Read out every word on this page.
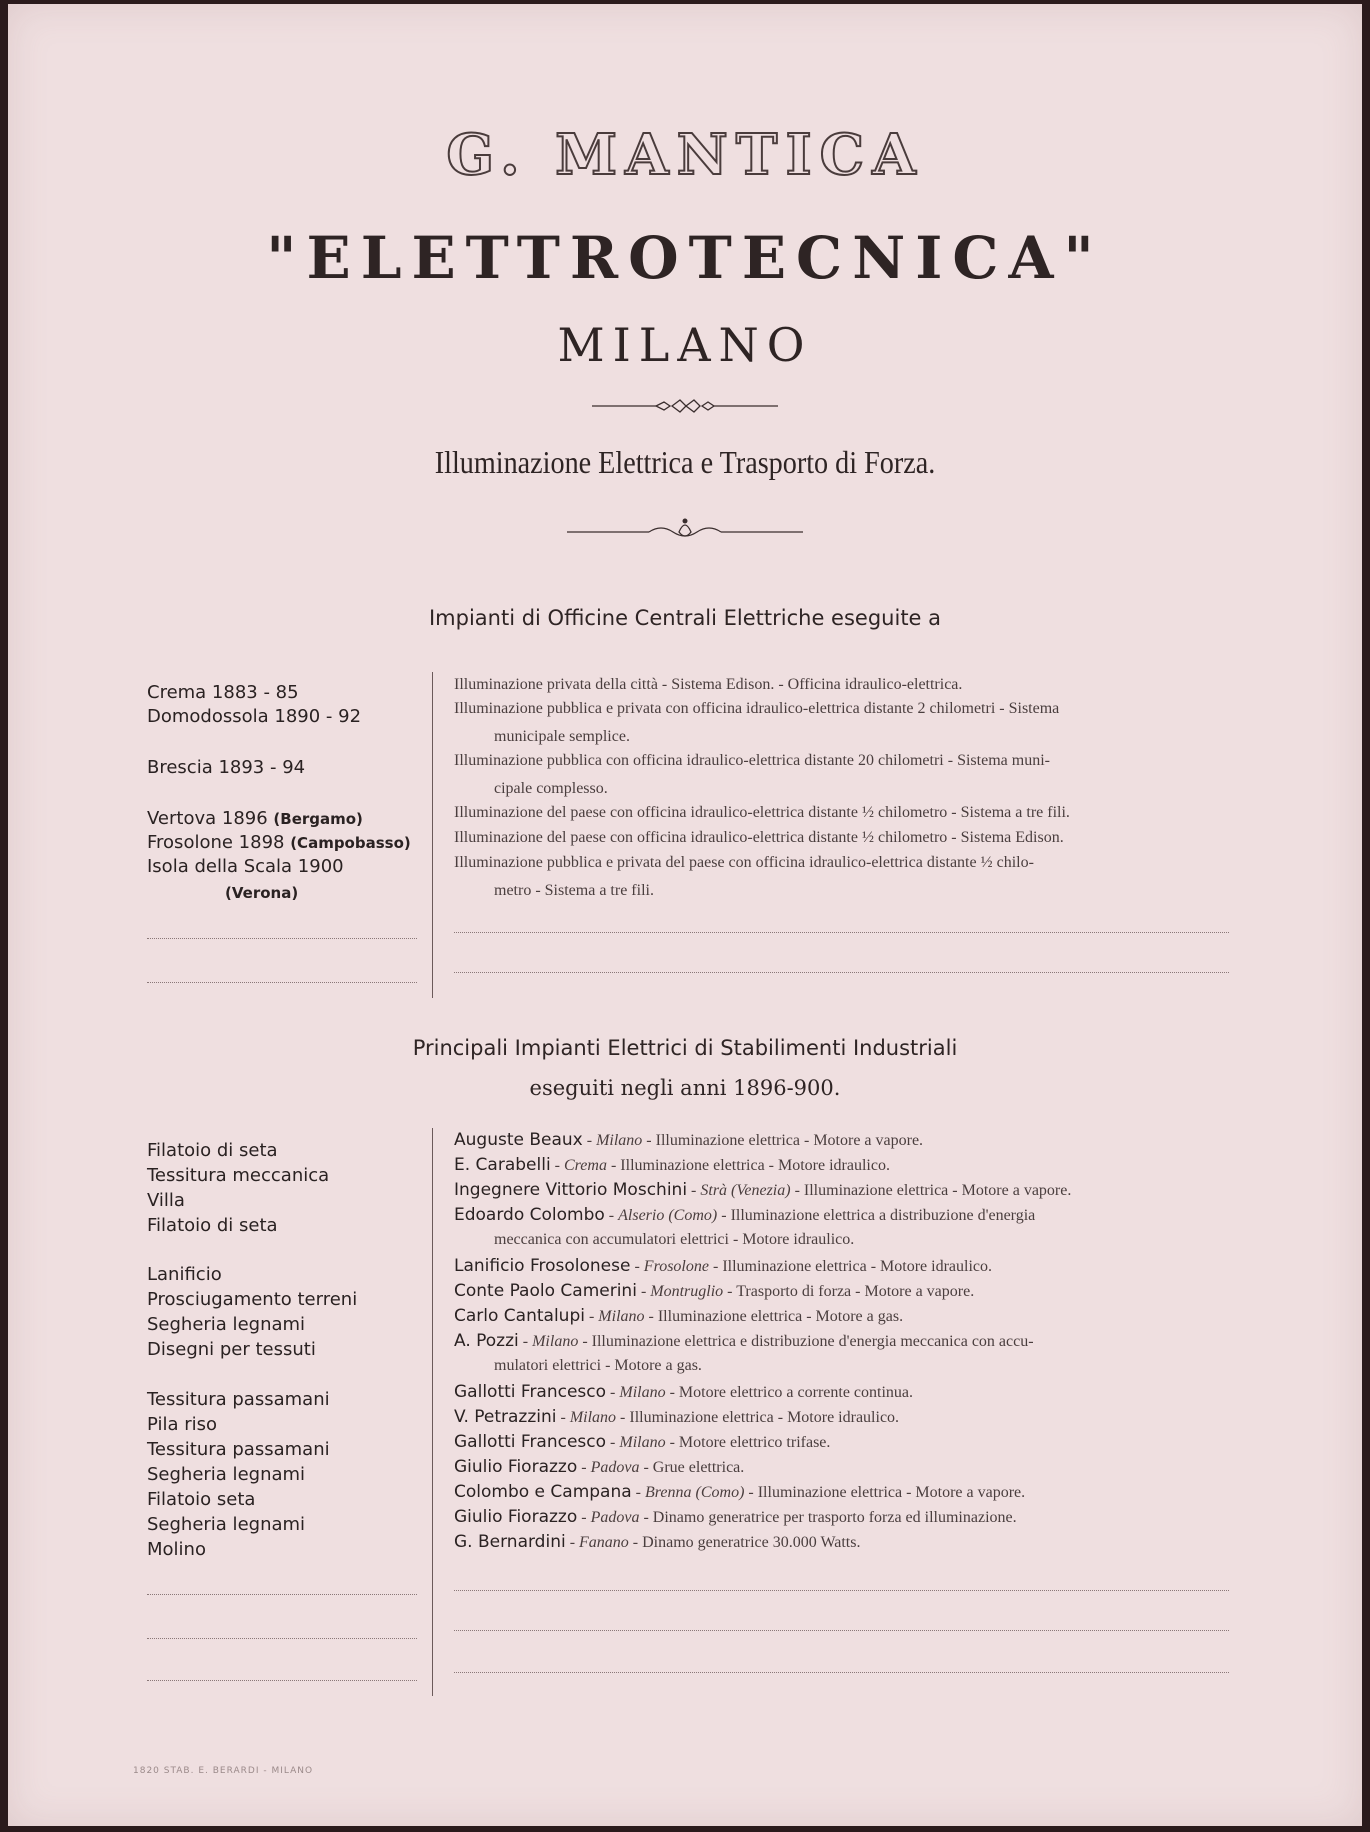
G. MANTICA
"ELETTROTECNICA"
MILANO
Illuminazione Elettrica e Trasporto di Forza.
Impianti di Officine Centrali Elettriche eseguite a
Crema 1883 - 85
Domodossola 1890 - 92
Brescia 1893 - 94
Vertova 1896 (Bergamo)
Frosolone 1898 (Campobasso)
Isola della Scala 1900
(Verona)
Illuminazione privata della città - Sistema Edison. - Officina idraulico-elettrica.
Illuminazione pubblica e privata con officina idraulico-elettrica distante 2 chilometri - Sistema
municipale semplice.
Illuminazione pubblica con officina idraulico-elettrica distante 20 chilometri - Sistema muni-
cipale complesso.
Illuminazione del paese con officina idraulico-elettrica distante ½ chilometro - Sistema a tre fili.
Illuminazione del paese con officina idraulico-elettrica distante ½ chilometro - Sistema Edison.
Illuminazione pubblica e privata del paese con officina idraulico-elettrica distante ½ chilo-
metro - Sistema a tre fili.
Principali Impianti Elettrici di Stabilimenti Industriali
eseguiti negli anni 1896-900.
Filatoio di seta
Tessitura meccanica
Villa
Filatoio di seta
Lanificio
Prosciugamento terreni
Segheria legnami
Disegni per tessuti
Tessitura passamani
Pila riso
Tessitura passamani
Segheria legnami
Filatoio seta
Segheria legnami
Molino
Auguste Beaux - Milano - Illuminazione elettrica - Motore a vapore.
E. Carabelli - Crema - Illuminazione elettrica - Motore idraulico.
Ingegnere Vittorio Moschini - Strà (Venezia) - Illuminazione elettrica - Motore a vapore.
Edoardo Colombo - Alserio (Como) - Illuminazione elettrica a distribuzione d'energia
meccanica con accumulatori elettrici - Motore idraulico.
Lanificio Frosolonese - Frosolone - Illuminazione elettrica - Motore idraulico.
Conte Paolo Camerini - Montruglio - Trasporto di forza - Motore a vapore.
Carlo Cantalupi - Milano - Illuminazione elettrica - Motore a gas.
A. Pozzi - Milano - Illuminazione elettrica e distribuzione d'energia meccanica con accu-
mulatori elettrici - Motore a gas.
Gallotti Francesco - Milano - Motore elettrico a corrente continua.
V. Petrazzini - Milano - Illuminazione elettrica - Motore idraulico.
Gallotti Francesco - Milano - Motore elettrico trifase.
Giulio Fiorazzo - Padova - Grue elettrica.
Colombo e Campana - Brenna (Como) - Illuminazione elettrica - Motore a vapore.
Giulio Fiorazzo - Padova - Dinamo generatrice per trasporto forza ed illuminazione.
G. Bernardini - Fanano - Dinamo generatrice 30.000 Watts.
1820 STAB. E. BERARDI - MILANO
